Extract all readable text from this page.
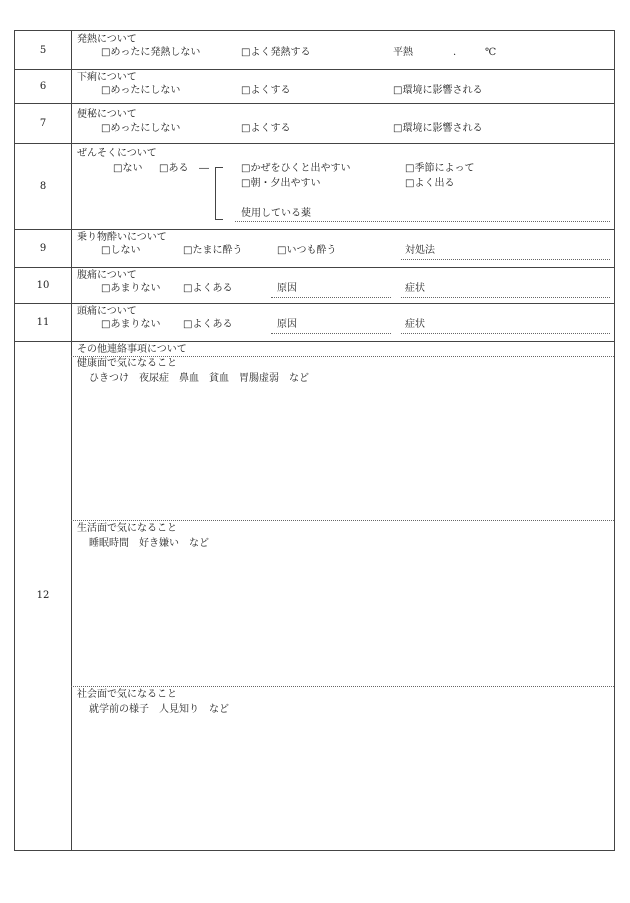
5
発熱について
□めったに発熱しない	□よく発熱する	平熱	.	℃
6
下痢について
□めったにしない	□よくする	□環境に影響される
7
便秘について
□めったにしない	□よくする	□環境に影響される
8
ぜんそくについて
□ない □ある ―	□かぜをひくと出やすい	□季節によって
□朝・夕出やすい	□よく出る
使用している薬
9
乗り物酔いについて
□しない	□たまに酔う	□いつも酔う	対処法
10
腹痛について
□あまりない □よくある	原因	症状
11
頭痛について
□あまりない □よくある	原因	症状
12
その他連絡事項について
健康面で気になること
ひきつけ　夜尿症　鼻血　貧血　胃腸虚弱　など
生活面で気になること
睡眠時間　好き嫌い　など
社会面で気になること
就学前の様子　人見知り　など
